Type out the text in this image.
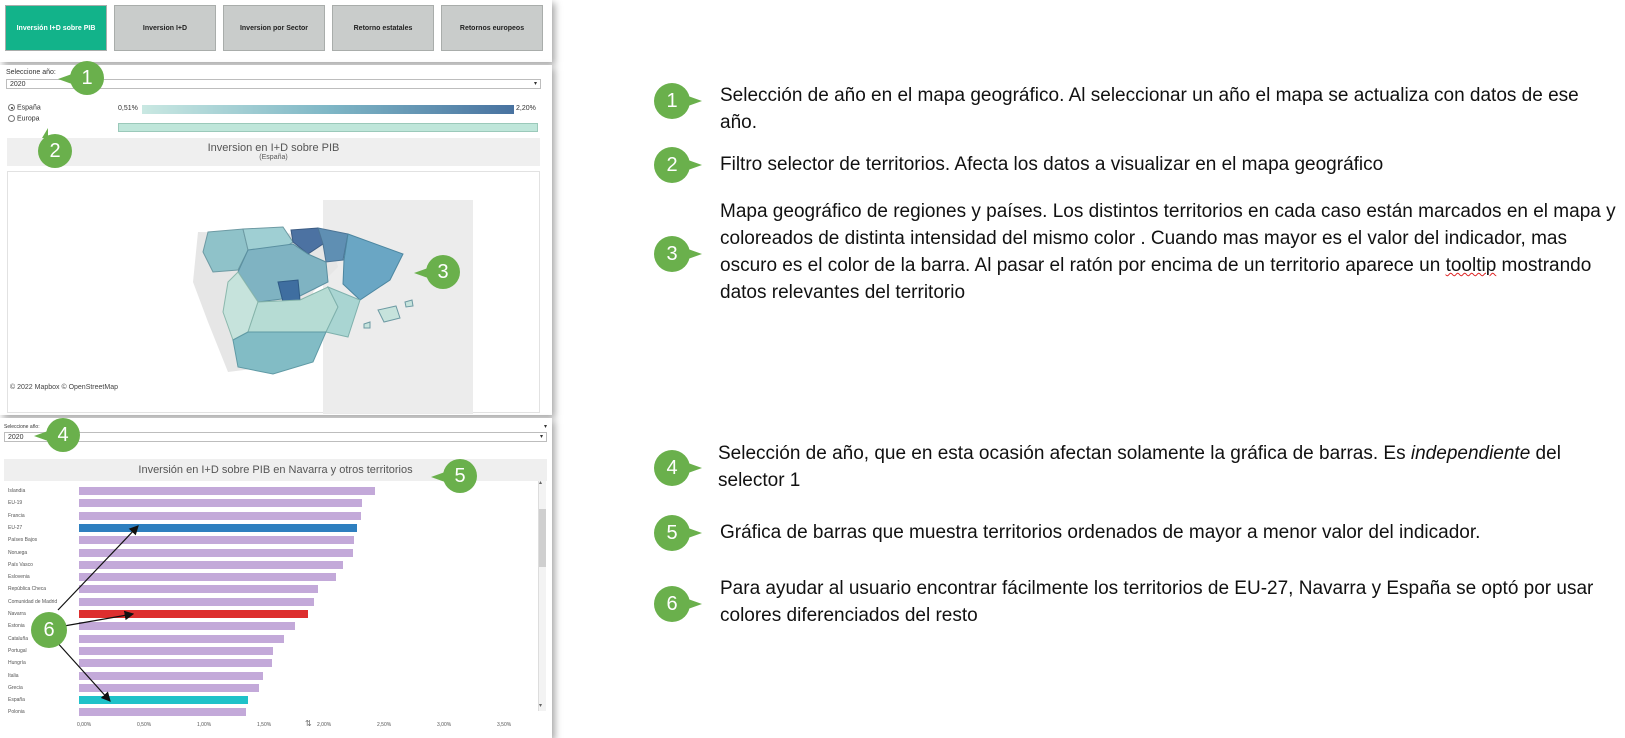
Inversión I+D sobre PIB	Inversion I+D	Inversion por Sector	Retorno estatales	Retornos europeos
Seleccione año:
2020	▾
España
Europa
0,51%	2,20%
Inversion en I+D sobre PIB
(España)
© 2022 Mapbox © OpenStreetMap
Seleccione año:	▾
2020	▾
Inversión en I+D sobre PIB en Navarra y otros territorios
Islandia
EU-19
Francia
EU-27
Países Bajos
Noruega
País Vasco
Eslovenia
República Checa
Comunidad de Madrid
Navarra
Estonia
Cataluña
Portugal
Hungría
Italia
Grecia
España
Polonia
▴
▾
0,00%	0,50%	1,00%	1,50%	2,00%	2,50%	3,00%	3,50%
⇅
1
2
3
4
5
6
1 Selección de año en el mapa geográfico. Al seleccionar un año el mapa se actualiza con datos de ese año.
2 Filtro selector de territorios. Afecta los datos a visualizar en el mapa geográfico
3
Mapa geográfico de regiones y países. Los distintos territorios en cada caso están marcados en el mapa y coloreados de distinta intensidad del mismo color . Cuando mas mayor es el valor del indicador, mas oscuro es el color de la barra. Al pasar el ratón por encima de un territorio aparece un tooltip mostrando datos relevantes del territorio
4
Selección de año, que en esta ocasión afectan solamente la gráfica de barras. Es independiente del selector 1
5 Gráfica de barras que muestra territorios ordenados de mayor a menor valor del indicador.
6
Para ayudar al usuario encontrar fácilmente los territorios de EU-27, Navarra y España se optó por usar colores diferenciados del resto
